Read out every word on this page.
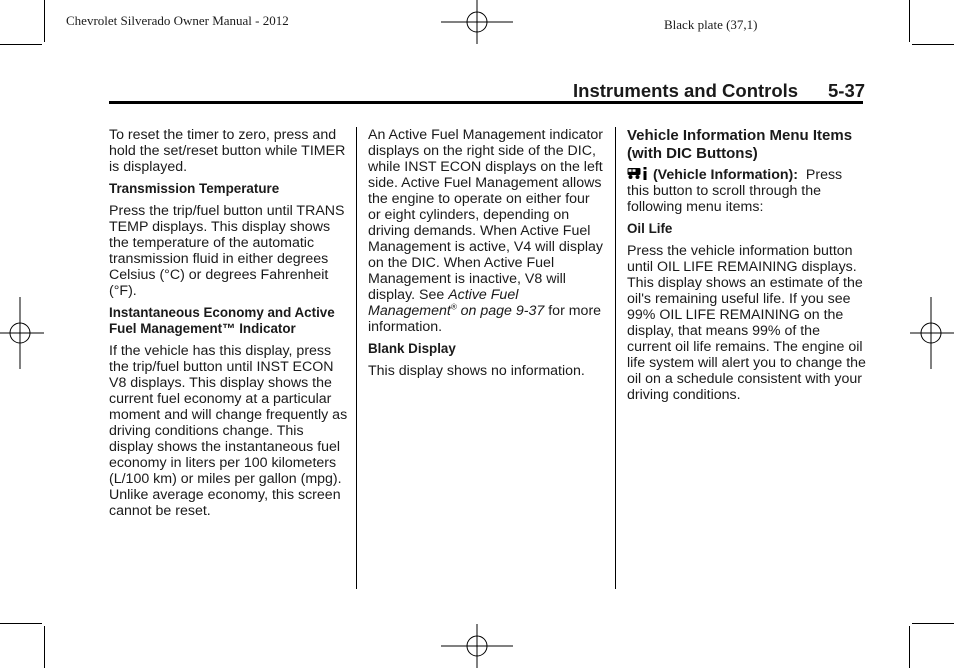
Chevrolet Silverado Owner Manual - 2012	Black plate (37,1)
Instruments and Controls 5-37

To reset the timer to zero, press and hold the set/reset button while TIMER is displayed.

Transmission Temperature

Press the trip/fuel button until TRANS TEMP displays. This display shows the temperature of the automatic transmission fluid in either degrees Celsius (°C) or degrees Fahrenheit (°F).

Instantaneous Economy and Active Fuel Management™ Indicator

If the vehicle has this display, press the trip/fuel button until INST ECON V8 displays. This display shows the current fuel economy at a particular moment and will change frequently as driving conditions change. This display shows the instantaneous fuel economy in liters per 100 kilometers (L/100 km) or miles per gallon (mpg). Unlike average economy, this screen cannot be reset.

An Active Fuel Management indicator displays on the right side of the DIC, while INST ECON displays on the left side. Active Fuel Management allows the engine to operate on either four or eight cylinders, depending on driving demands. When Active Fuel Management is active, V4 will display on the DIC. When Active Fuel Management is inactive, V8 will display. See Active Fuel Management® on page 9-37 for more information.

Blank Display

This display shows no information.

Vehicle Information Menu Items (with DIC Buttons)

(Vehicle Information): Press this button to scroll through the following menu items:

Oil Life

Press the vehicle information button until OIL LIFE REMAINING displays. This display shows an estimate of the oil's remaining useful life. If you see 99% OIL LIFE REMAINING on the display, that means 99% of the current oil life remains. The engine oil life system will alert you to change the oil on a schedule consistent with your driving conditions.
